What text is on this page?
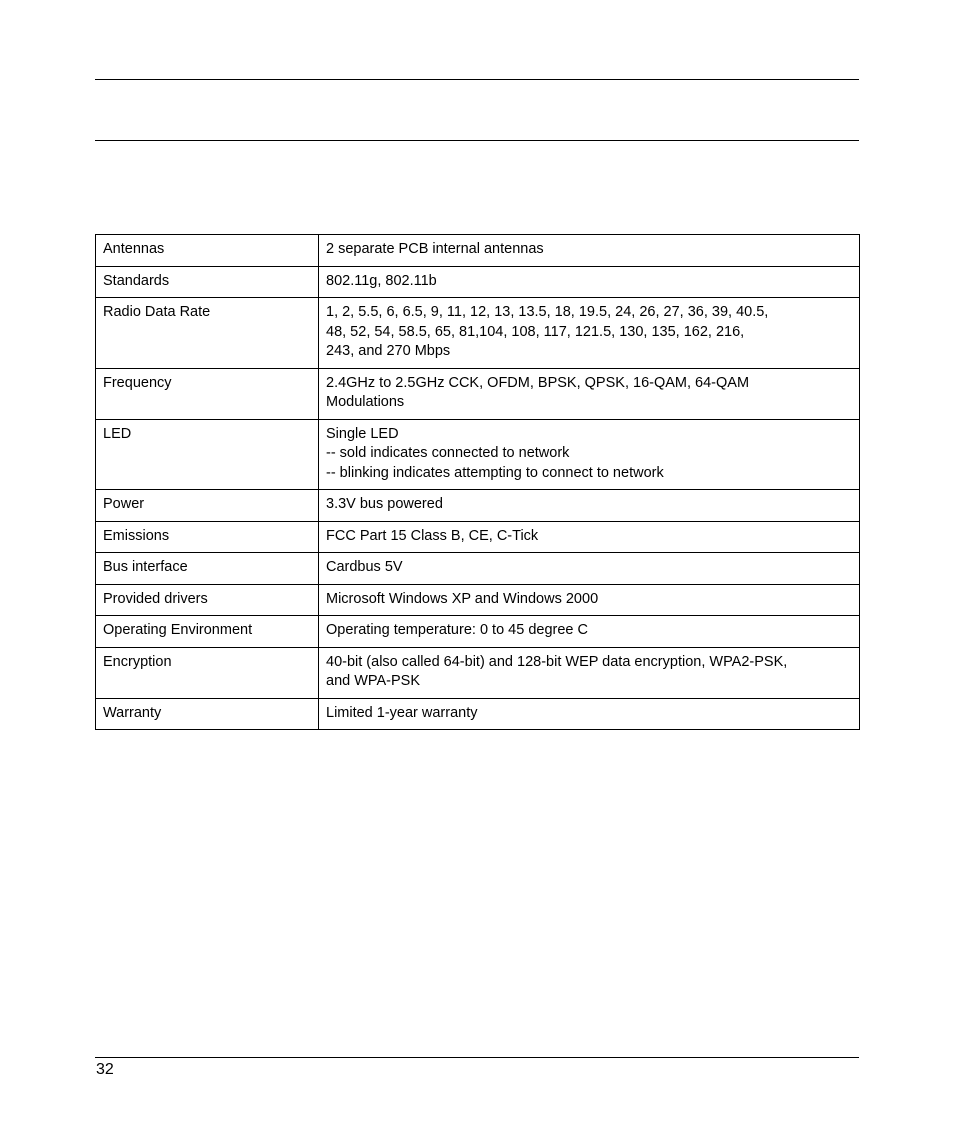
Antennas	2 separate PCB internal antennas
Standards	802.11g, 802.11b
Radio Data Rate	1, 2, 5.5, 6, 6.5, 9, 11, 12, 13, 13.5, 18, 19.5, 24, 26, 27, 36, 39, 40.5,
48, 52, 54, 58.5, 65, 81,104, 108, 117, 121.5, 130, 135, 162, 216,
243, and 270 Mbps
Frequency	2.4GHz to 2.5GHz CCK, OFDM, BPSK, QPSK, 16-QAM, 64-QAM
Modulations
LED	Single LED
-- sold indicates connected to network
-- blinking indicates attempting to connect to network
Power	3.3V bus powered
Emissions	FCC Part 15 Class B, CE, C-Tick
Bus interface	Cardbus 5V
Provided drivers	Microsoft Windows XP and Windows 2000
Operating Environment	Operating temperature: 0 to 45 degree C
Encryption	40-bit (also called 64-bit) and 128-bit WEP data encryption, WPA2-PSK,
and WPA-PSK
Warranty	Limited 1-year warranty
32
